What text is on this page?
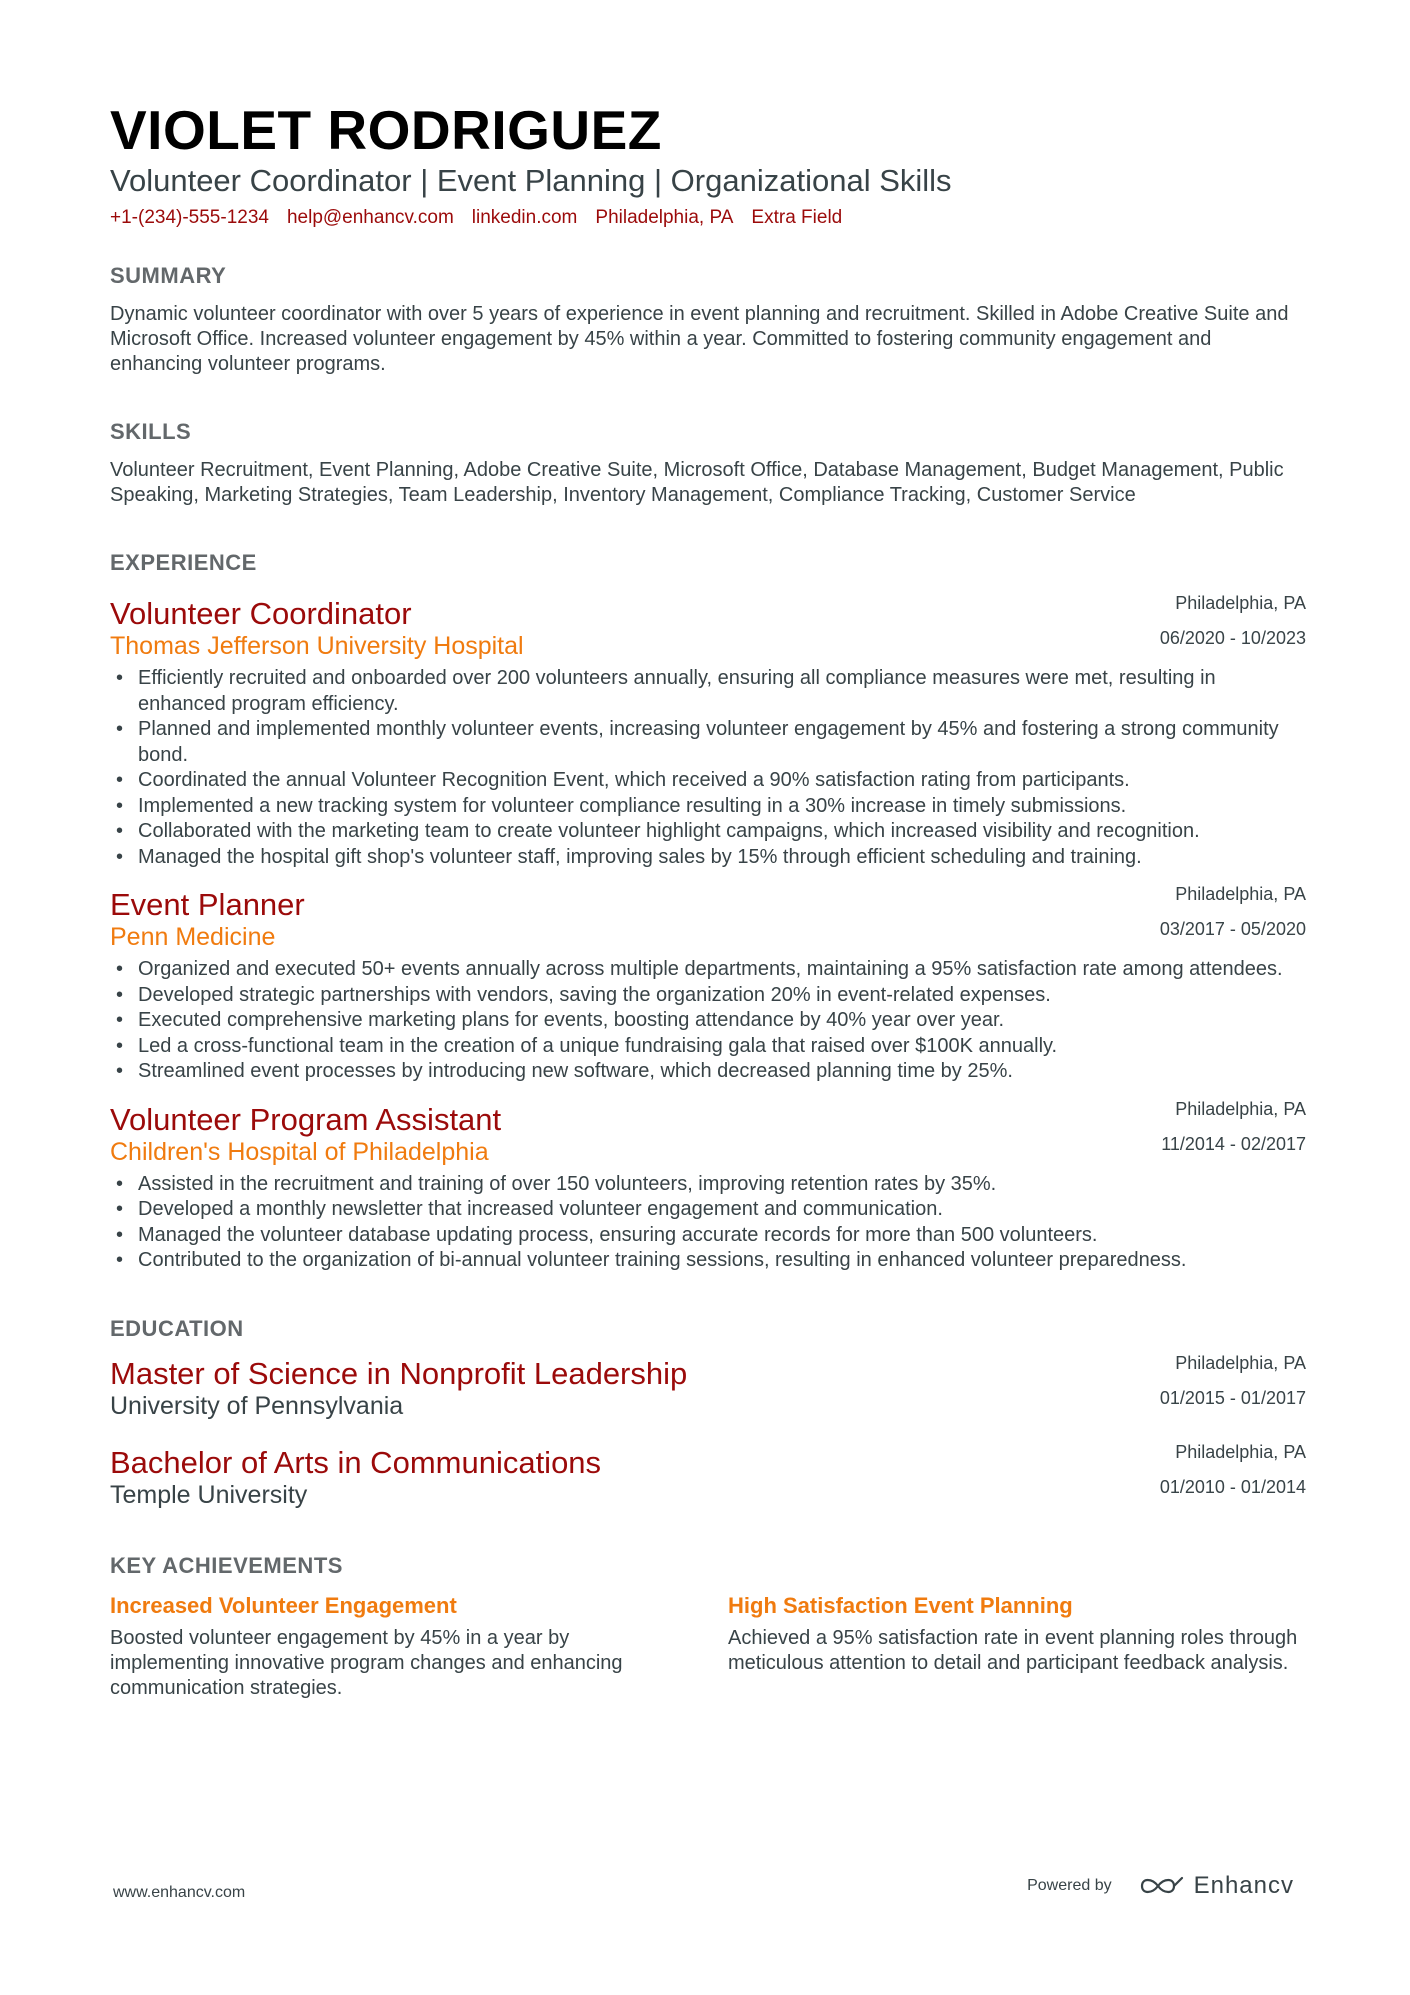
VIOLET RODRIGUEZ
Volunteer Coordinator | Event Planning | Organizational Skills
+1-(234)-555-1234 help@enhancv.com linkedin.com Philadelphia, PA Extra Field
SUMMARY
Dynamic volunteer coordinator with over 5 years of experience in event planning and recruitment. Skilled in Adobe Creative Suite and Microsoft Office. Increased volunteer engagement by 45% within a year. Committed to fostering community engagement and enhancing volunteer programs.
SKILLS
Volunteer Recruitment, Event Planning, Adobe Creative Suite, Microsoft Office, Database Management, Budget Management, Public Speaking, Marketing Strategies, Team Leadership, Inventory Management, Compliance Tracking, Customer Service
EXPERIENCE
Volunteer Coordinator
Thomas Jefferson University Hospital
Philadelphia, PA
06/2020 - 10/2023
• Efficiently recruited and onboarded over 200 volunteers annually, ensuring all compliance measures were met, resulting in enhanced program efficiency.
• Planned and implemented monthly volunteer events, increasing volunteer engagement by 45% and fostering a strong community bond.
• Coordinated the annual Volunteer Recognition Event, which received a 90% satisfaction rating from participants.
• Implemented a new tracking system for volunteer compliance resulting in a 30% increase in timely submissions.
• Collaborated with the marketing team to create volunteer highlight campaigns, which increased visibility and recognition.
• Managed the hospital gift shop's volunteer staff, improving sales by 15% through efficient scheduling and training.
Event Planner
Penn Medicine
Philadelphia, PA
03/2017 - 05/2020
• Organized and executed 50+ events annually across multiple departments, maintaining a 95% satisfaction rate among attendees.
• Developed strategic partnerships with vendors, saving the organization 20% in event-related expenses.
• Executed comprehensive marketing plans for events, boosting attendance by 40% year over year.
• Led a cross-functional team in the creation of a unique fundraising gala that raised over $100K annually.
• Streamlined event processes by introducing new software, which decreased planning time by 25%.
Volunteer Program Assistant
Children's Hospital of Philadelphia
Philadelphia, PA
11/2014 - 02/2017
• Assisted in the recruitment and training of over 150 volunteers, improving retention rates by 35%.
• Developed a monthly newsletter that increased volunteer engagement and communication.
• Managed the volunteer database updating process, ensuring accurate records for more than 500 volunteers.
• Contributed to the organization of bi-annual volunteer training sessions, resulting in enhanced volunteer preparedness.
EDUCATION
Master of Science in Nonprofit Leadership
University of Pennsylvania
Philadelphia, PA
01/2015 - 01/2017
Bachelor of Arts in Communications
Temple University
Philadelphia, PA
01/2010 - 01/2014
KEY ACHIEVEMENTS
Increased Volunteer Engagement
Boosted volunteer engagement by 45% in a year by implementing innovative program changes and enhancing communication strategies.
High Satisfaction Event Planning
Achieved a 95% satisfaction rate in event planning roles through meticulous attention to detail and participant feedback analysis.
www.enhancv.com	Powered by	Enhancv
